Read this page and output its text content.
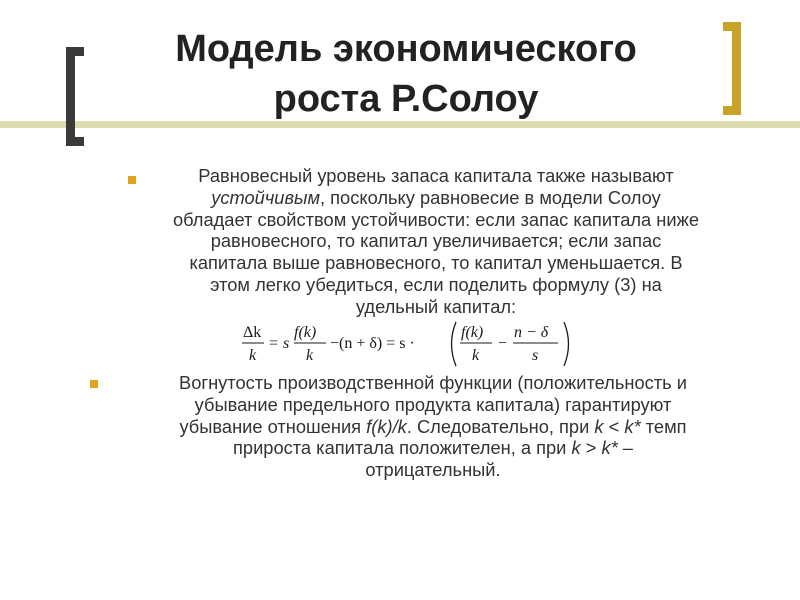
Модель экономического
роста Р.Солоу
Равновесный уровень запаса капитала также называют
устойчивым, поскольку равновесие в модели Солоу
обладает свойством устойчивости: если запас капитала ниже
равновесного, то капитал увеличивается; если запас
капитала выше равновесного, то капитал уменьшается. В
этом легко убедиться, если поделить формулу (3) на
удельный капитал:
Δk
k
= s
f(k)
k
−(n + δ) = s ·
f(k)
k
−
n − δ
s
Вогнутость производственной функции (положительность и
убывание предельного продукта капитала) гарантируют
убывание отношения f(k)/k. Следовательно, при k < k* темп
прироста капитала положителен, а при k > k* –
отрицательный.
